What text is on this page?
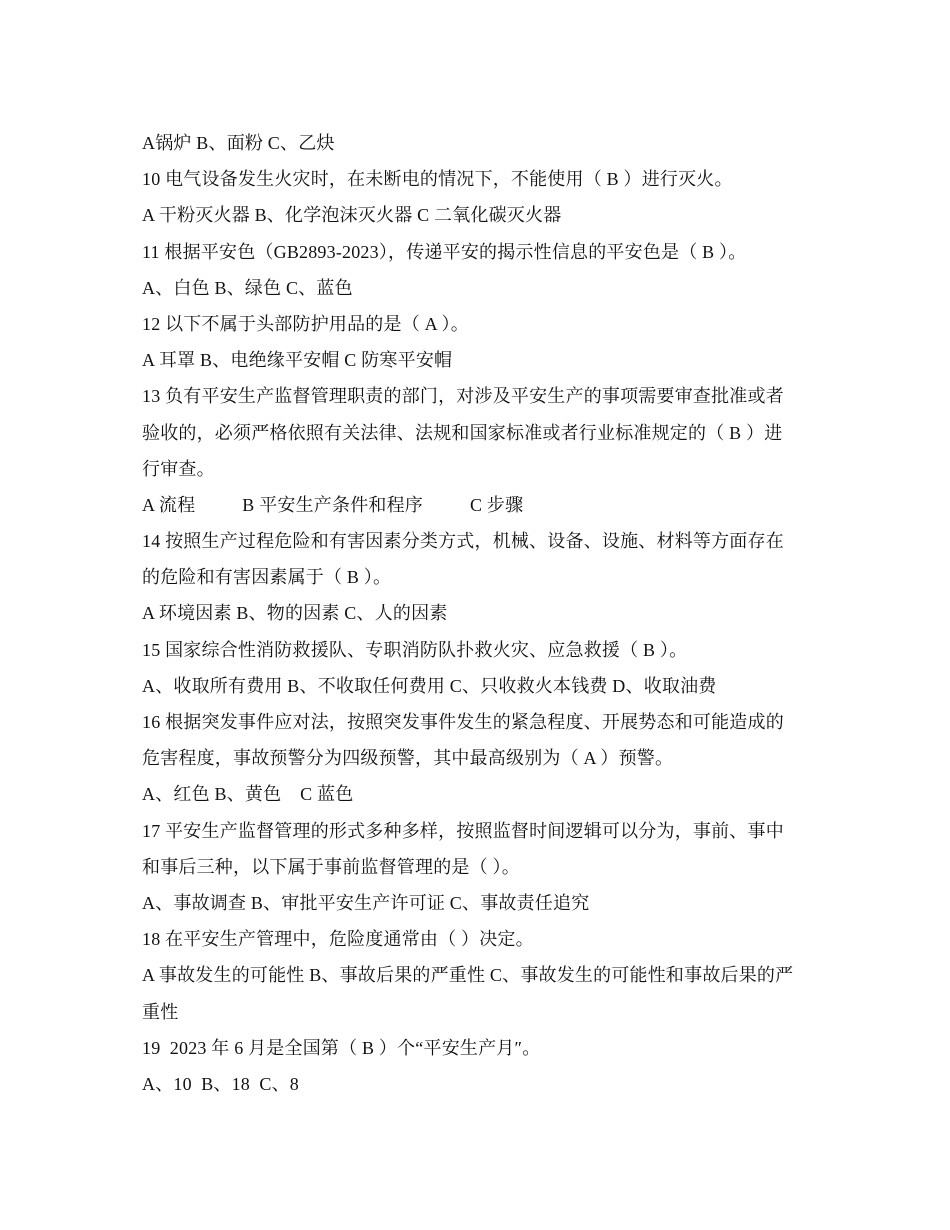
A锅炉 B、面粉 C、乙炔
10 电气设备发生火灾时，在未断电的情况下，不能使用（ B ）进行灭火。
A 干粉灭火器 B、化学泡沫灭火器 C 二氧化碳灭火器
11 根据平安色（GB2893-2023），传递平安的揭示性信息的平安色是（ B ）。
A、白色 B、绿色 C、蓝色
12 以下不属于头部防护用品的是（ A ）。
A 耳罩 B、电绝缘平安帽 C 防寒平安帽
13 负有平安生产监督管理职责的部门，对涉及平安生产的事项需要审查批准或者
验收的，必须严格依照有关法律、法规和国家标准或者行业标准规定的（ B ）进
行审查。
A 流程          B 平安生产条件和程序          C 步骤
14 按照生产过程危险和有害因素分类方式，机械、设备、设施、材料等方面存在
的危险和有害因素属于（ B ）。
A 环境因素 B、物的因素 C、人的因素
15 国家综合性消防救援队、专职消防队扑救火灾、应急救援（ B ）。
A、收取所有费用 B、不收取任何费用 C、只收救火本钱费 D、收取油费
16 根据突发事件应对法，按照突发事件发生的紧急程度、开展势态和可能造成的
危害程度，事故预警分为四级预警，其中最高级别为（ A ）预警。
A、红色 B、黄色    C 蓝色
17 平安生产监督管理的形式多种多样，按照监督时间逻辑可以分为，事前、事中
和事后三种，以下属于事前监督管理的是（ ）。
A、事故调查 B、审批平安生产许可证 C、事故责任追究
18 在平安生产管理中，危险度通常由（ ）决定。
A 事故发生的可能性 B、事故后果的严重性 C、事故发生的可能性和事故后果的严
重性
19  2023 年 6 月是全国第（ B ）个“平安生产月″。
A、10  B、18  C、8
